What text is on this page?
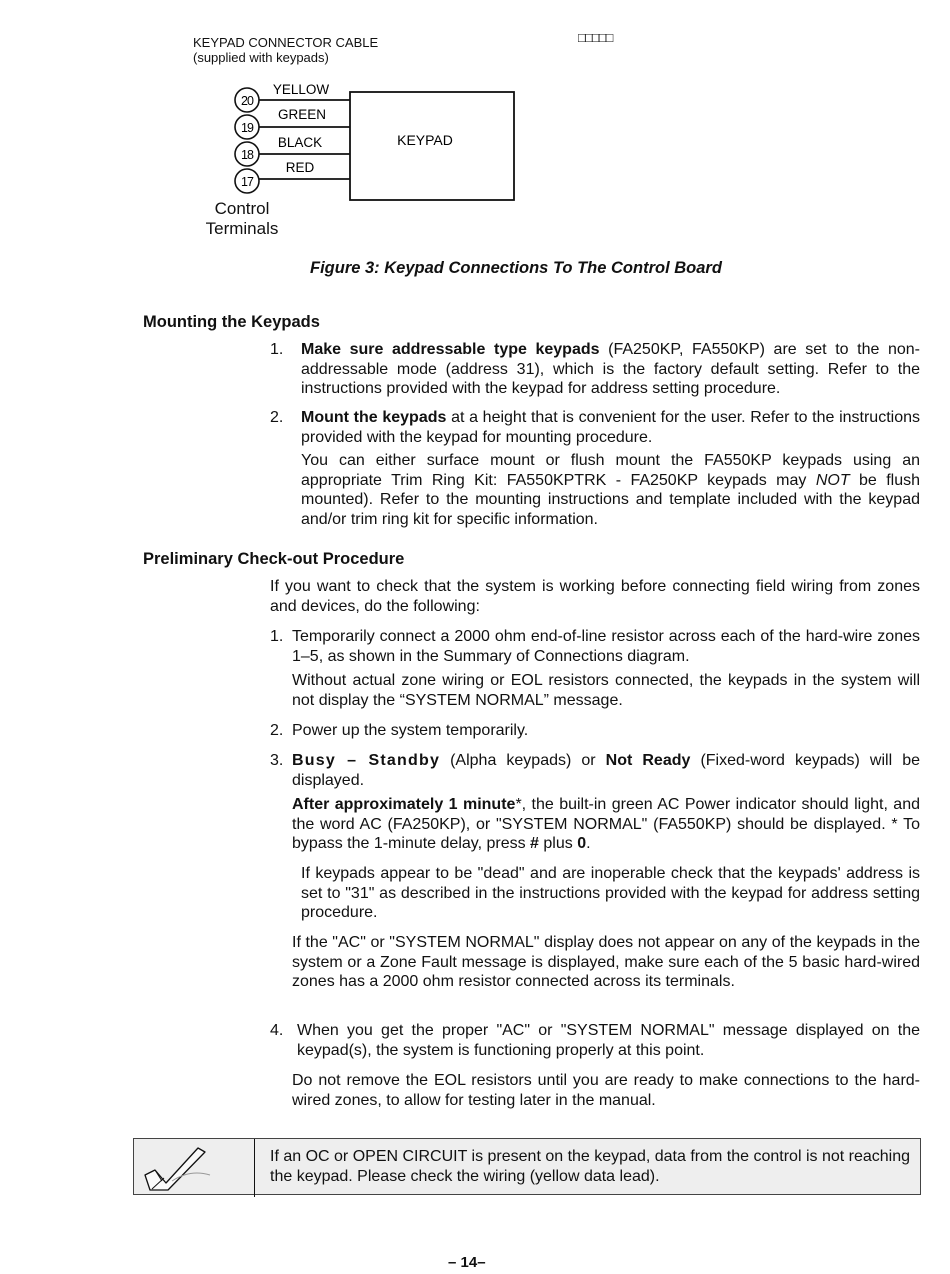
KEYPAD CONNECTOR CABLE
(supplied with keypads)
□□□□□
20
YELLOW
19
GREEN
18
BLACK
17
RED
KEYPAD
Control
Terminals
Figure 3: Keypad Connections To The Control Board
Mounting the Keypads
1. Make sure addressable type keypads (FA250KP, FA550KP) are set to the non-addressable mode (address 31), which is the factory default setting. Refer to the instructions provided with the keypad for address setting procedure.

2. Mount the keypads at a height that is convenient for the user. Refer to the instructions provided with the keypad for mounting procedure.

You can either surface mount or flush mount the FA550KP keypads using an appropriate Trim Ring Kit: FA550KPTRK - FA250KP keypads may NOT be flush mounted). Refer to the mounting instructions and template included with the keypad and/or trim ring kit for specific information.

Preliminary Check-out Procedure

If you want to check that the system is working before connecting field wiring from zones and devices, do the following:

1. Temporarily connect a 2000 ohm end-of-line resistor across each of the hard-wire zones 1–5, as shown in the Summary of Connections diagram.

Without actual zone wiring or EOL resistors connected, the keypads in the system will not display the “SYSTEM NORMAL” message.

2. Power up the system temporarily.

3. Busy – Standby (Alpha keypads) or Not Ready (Fixed-word keypads) will be displayed.

After approximately 1 minute*, the built-in green AC Power indicator should light, and the word AC (FA250KP), or "SYSTEM NORMAL" (FA550KP) should be displayed. * To bypass the 1-minute delay, press # plus 0.

If keypads appear to be "dead" and are inoperable check that the keypads' address is set to "31" as described in the instructions provided with the keypad for address setting procedure.

If the "AC" or "SYSTEM NORMAL" display does not appear on any of the keypads in the system or a Zone Fault message is displayed, make sure each of the 5 basic hard-wired zones has a 2000 ohm resistor connected across its terminals.

4. When you get the proper "AC" or "SYSTEM NORMAL" message displayed on the keypad(s), the system is functioning properly at this point.

Do not remove the EOL resistors until you are ready to make connections to the hard-wired zones, to allow for testing later in the manual.

If an OC or OPEN CIRCUIT is present on the keypad, data from the control is not reaching the keypad. Please check the wiring (yellow data lead).

– 14–
